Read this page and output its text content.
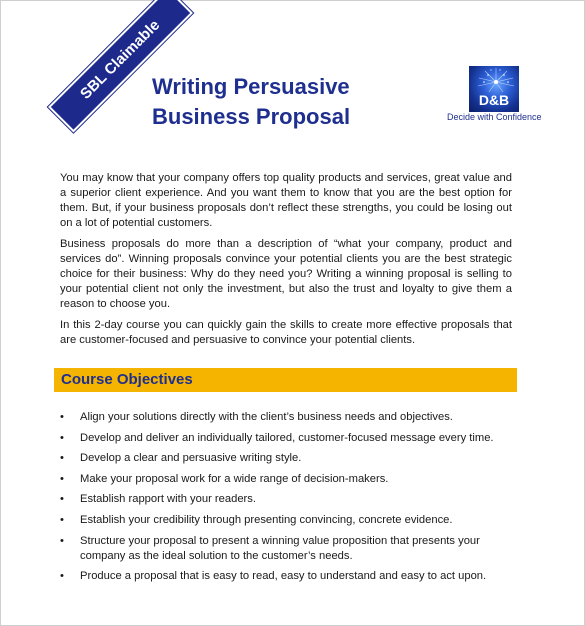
SBL Claimable
Writing Persuasive
Business Proposal
D&B
Decide with Confidence

You may know that your company offers top quality products and services, great value and a superior client experience. And you want them to know that you are the best option for them. But, if your business proposals don’t reflect these strengths, you could be losing out on a lot of potential customers.

Business proposals do more than a description of “what your company, product and services do”. Winning proposals convince your potential clients you are the best strategic choice for their business: Why do they need you? Writing a winning proposal is selling to your potential client not only the investment, but also the trust and loyalty to give them a reason to choose you.

In this 2-day course you can quickly gain the skills to create more effective proposals that are customer-focused and persuasive to convince your potential clients.

Course Objectives
• Align your solutions directly with the client’s business needs and objectives.
• Develop and deliver an individually tailored, customer-focused message every time.
• Develop a clear and persuasive writing style.
• Make your proposal work for a wide range of decision-makers.
• Establish rapport with your readers.
• Establish your credibility through presenting convincing, concrete evidence.
• Structure your proposal to present a winning value proposition that presents your company as the ideal solution to the customer’s needs.
• Produce a proposal that is easy to read, easy to understand and easy to act upon.
